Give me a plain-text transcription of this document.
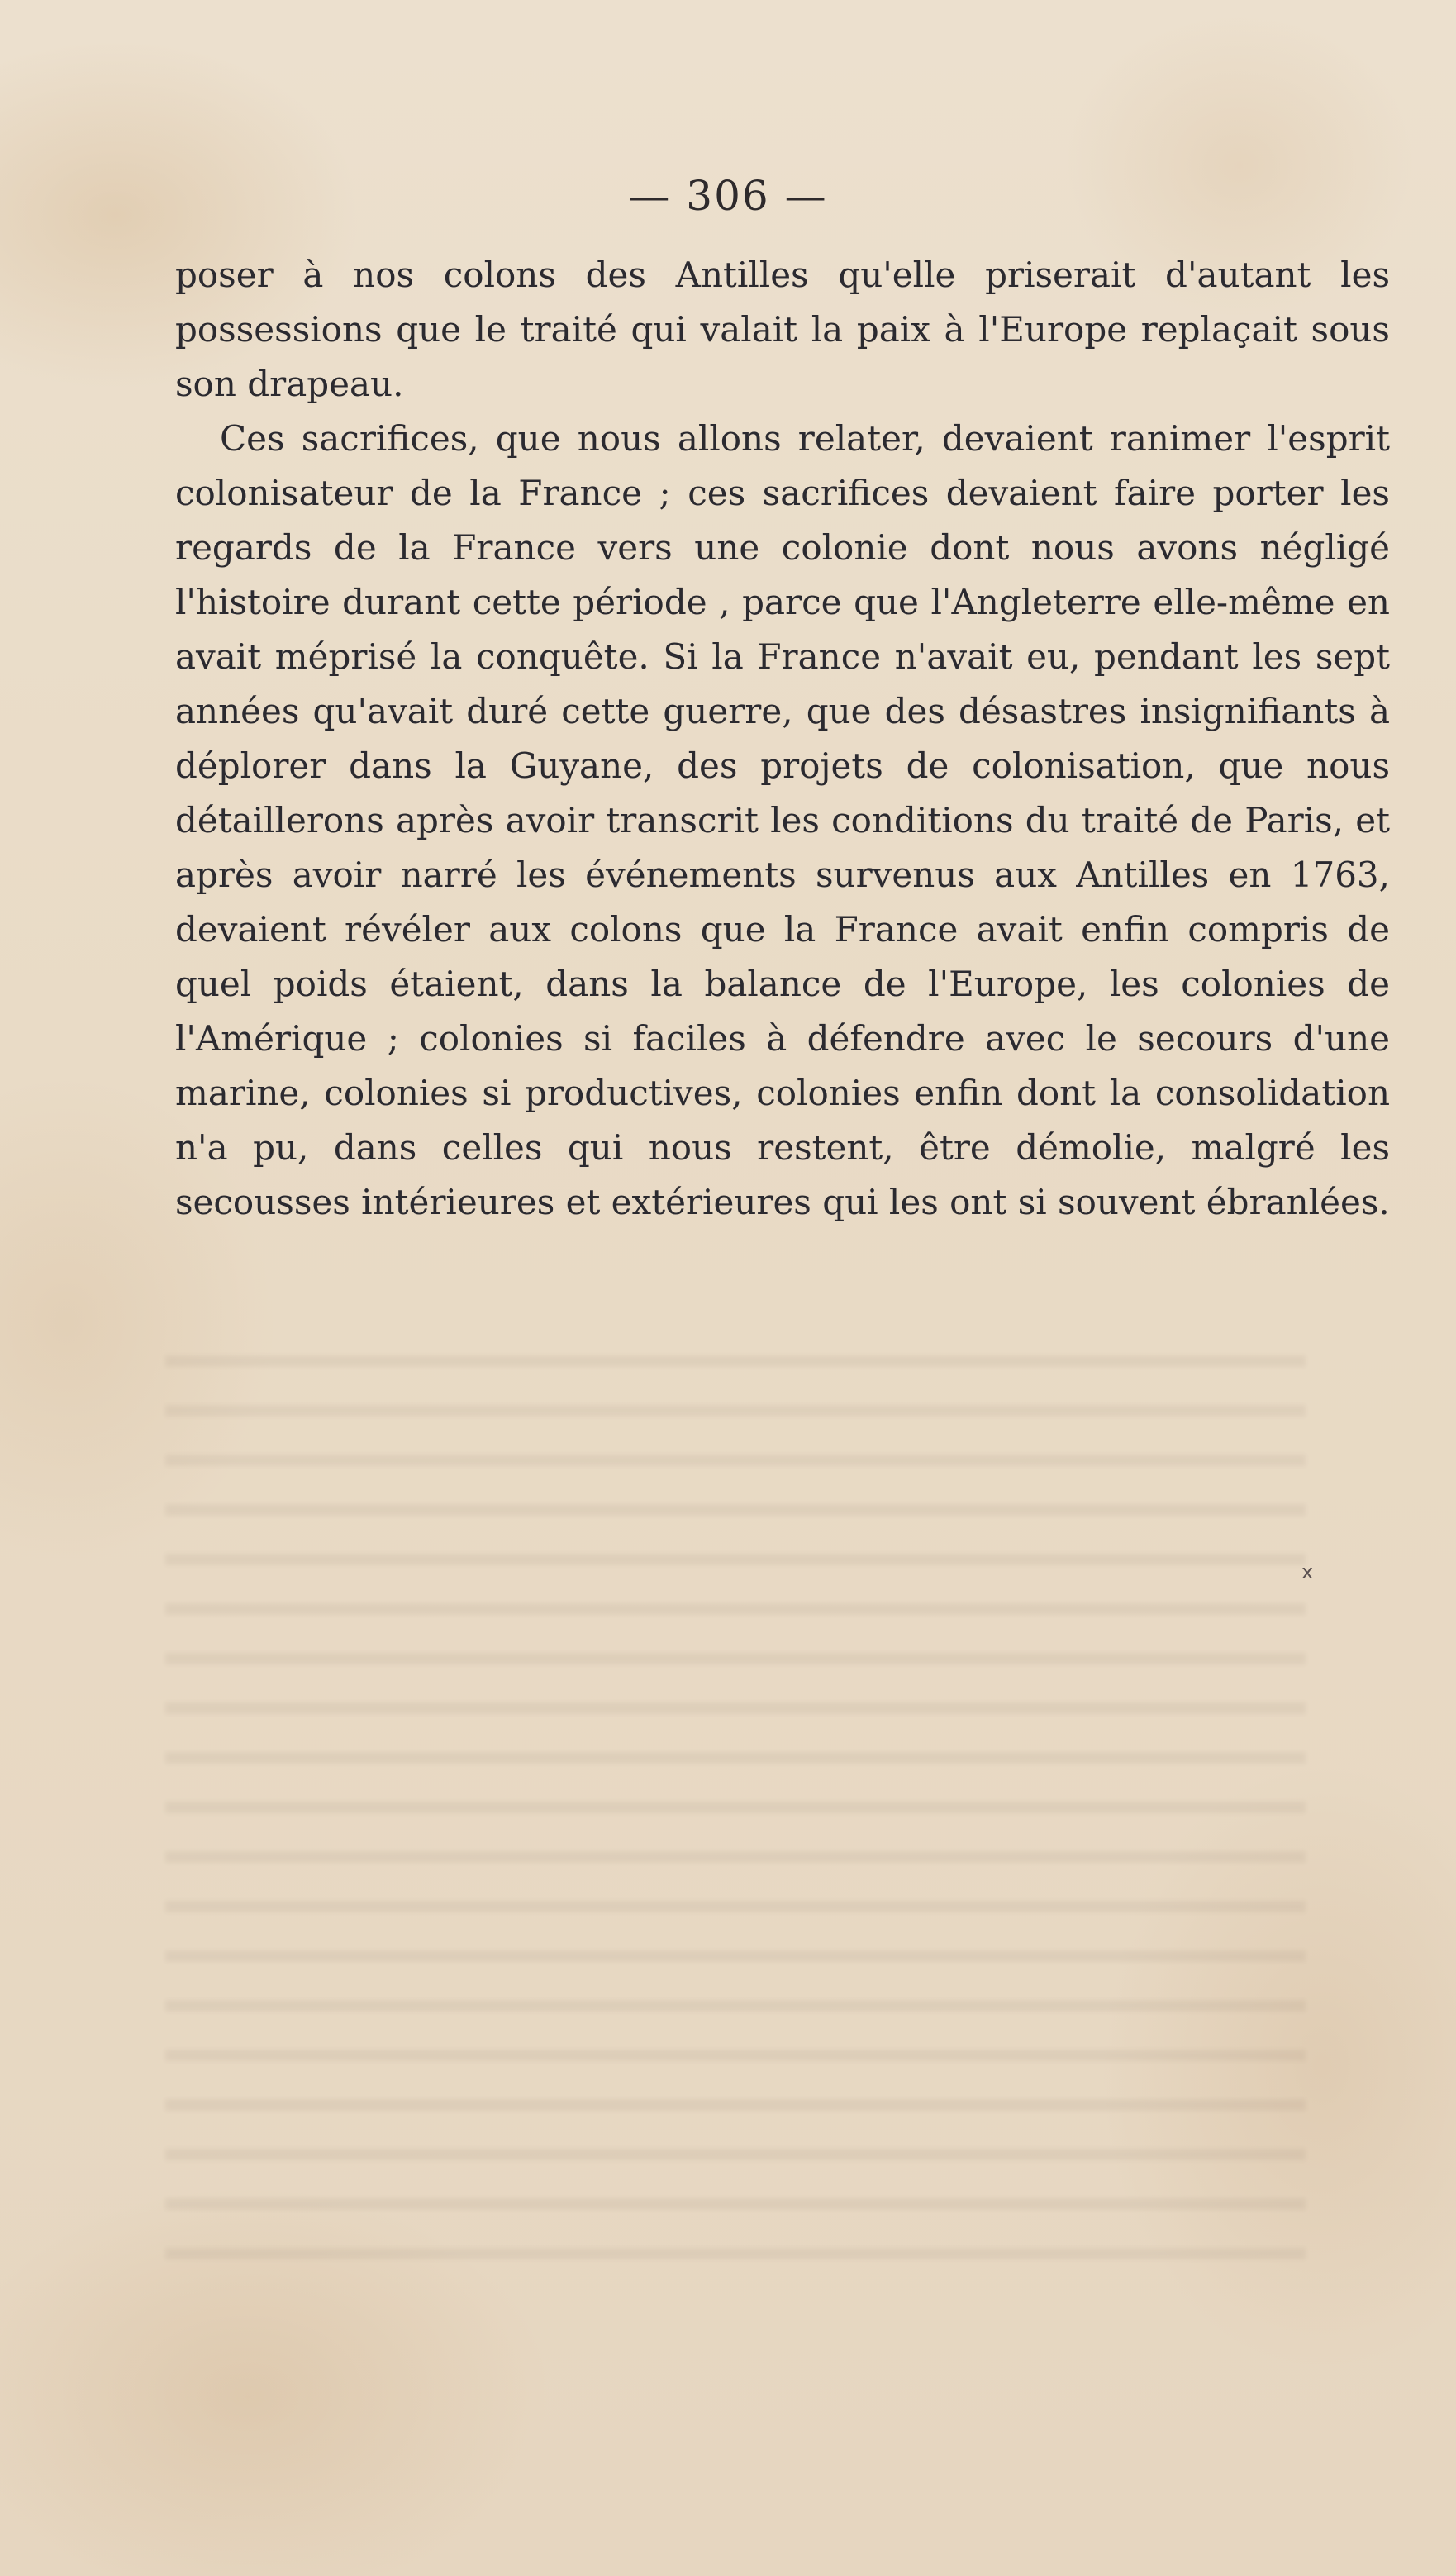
— 306 —

poser à nos colons des Antilles qu'elle priserait d'autant les possessions que le traité qui valait la paix à l'Europe replaçait sous son drapeau.

Ces sacrifices, que nous allons relater, devaient ranimer l'esprit colonisateur de la France ; ces sacrifices devaient faire porter les regards de la France vers une colonie dont nous avons négligé l'histoire durant cette période , parce que l'Angleterre elle-même en avait méprisé la conquête. Si la France n'avait eu, pendant les sept années qu'avait duré cette guerre, que des désastres insignifiants à déplorer dans la Guyane, des projets de colonisation, que nous détaillerons après avoir transcrit les conditions du traité de Paris, et après avoir narré les événements survenus aux Antilles en 1763, devaient révéler aux colons que la France avait enfin compris de quel poids étaient, dans la balance de l'Europe, les colonies de l'Amérique ; colonies si faciles à défendre avec le secours d'une marine, colonies si productives, colonies enfin dont la consolidation n'a pu, dans celles qui nous restent, être démolie, malgré les secousses intérieures et extérieures qui les ont si souvent ébranlées.

x
